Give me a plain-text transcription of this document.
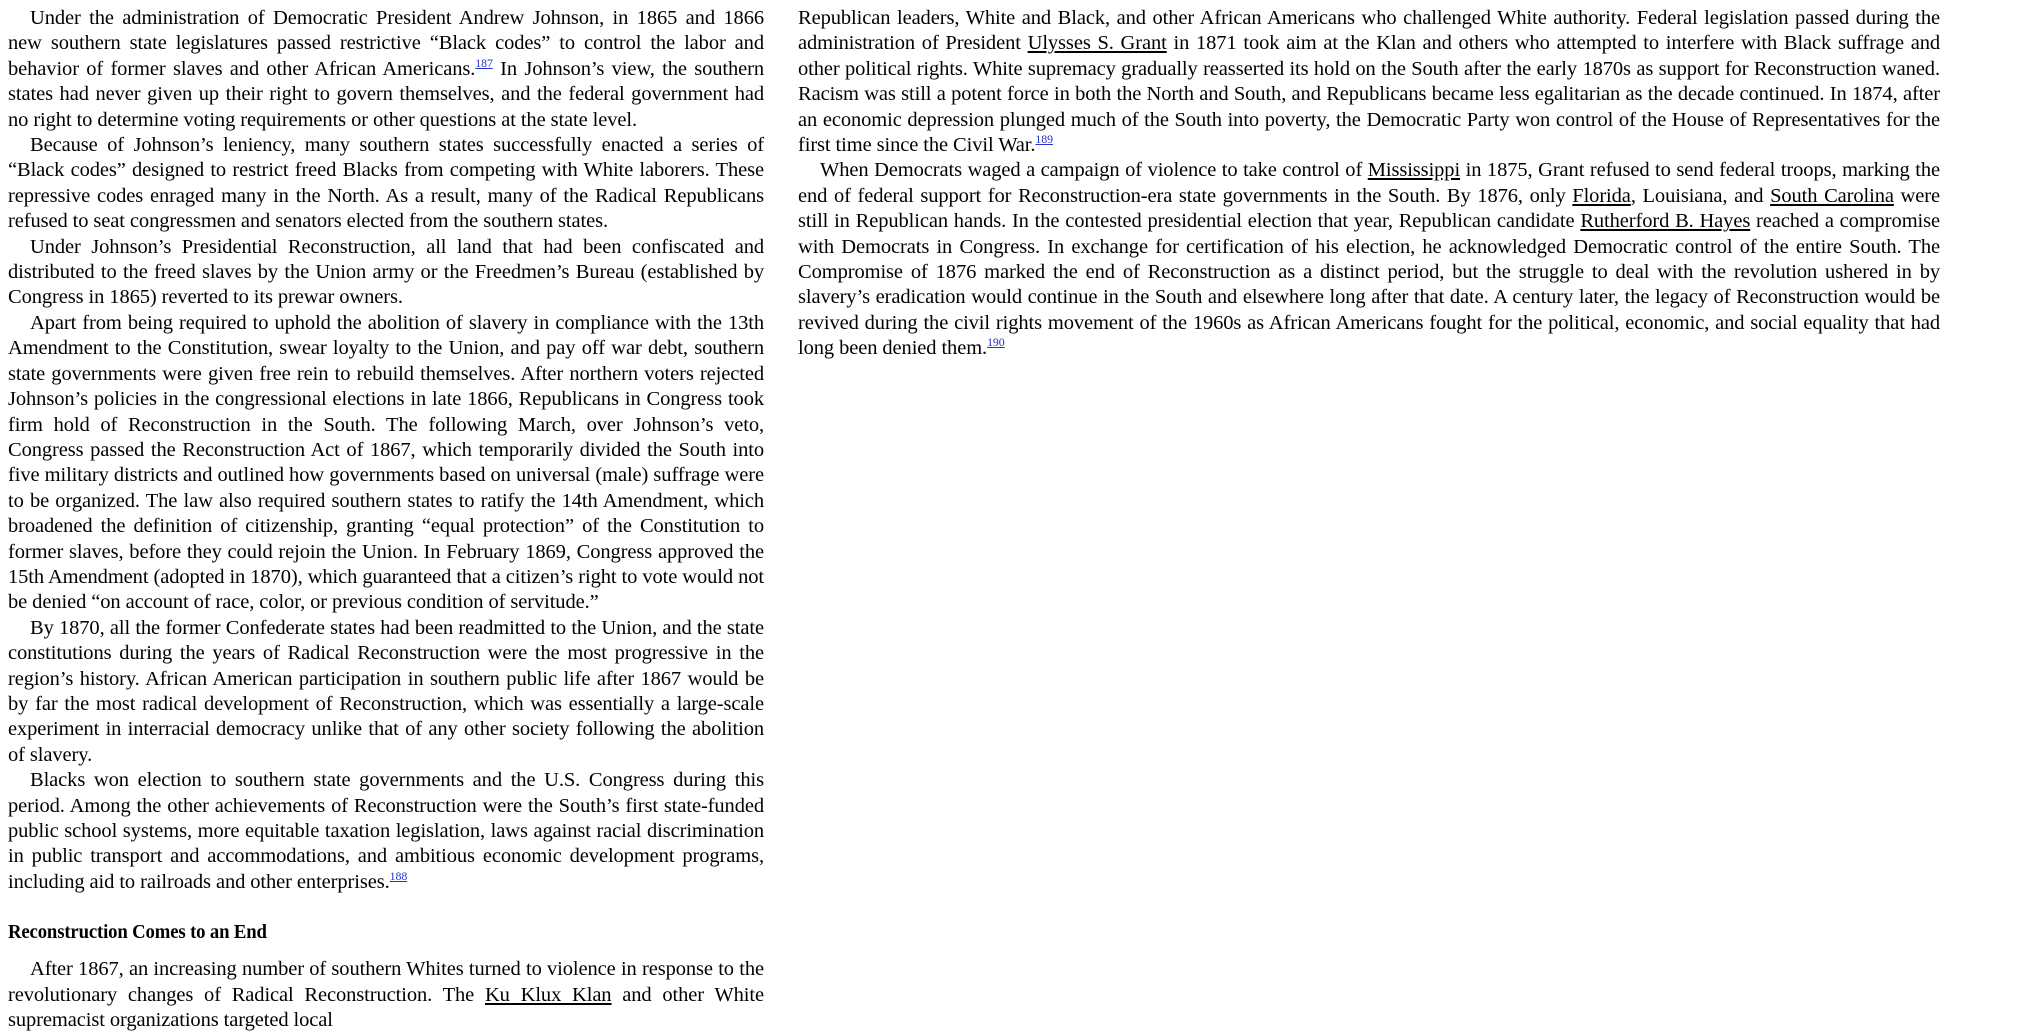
Under the administration of Democratic President Andrew Johnson, in 1865 and 1866 new southern state legislatures passed restrictive “Black codes” to control the labor and behavior of former slaves and other African Americans.$^{187}$ In Johnson’s view, the southern states had never given up their right to govern themselves, and the federal government had no right to determine voting requirements or other questions at the state level.

Because of Johnson’s leniency, many southern states successfully enacted a series of “Black codes” designed to restrict freed Blacks from competing with White laborers. These repressive codes enraged many in the North. As a result, many of the Radical Republicans refused to seat congressmen and senators elected from the southern states.

Under Johnson’s Presidential Reconstruction, all land that had been confiscated and distributed to the freed slaves by the Union army or the Freedmen’s Bureau (established by Congress in 1865) reverted to its prewar owners.

Apart from being required to uphold the abolition of slavery in compliance with the 13th Amendment to the Constitution, swear loyalty to the Union, and pay off war debt, southern state governments were given free rein to rebuild themselves. After northern voters rejected Johnson’s policies in the congressional elections in late 1866, Republicans in Congress took firm hold of Reconstruction in the South. The following March, over Johnson’s veto, Congress passed the Reconstruction Act of 1867, which temporarily divided the South into five military districts and outlined how governments based on universal (male) suffrage were to be organized. The law also required southern states to ratify the 14th Amendment, which broadened the definition of citizenship, granting “equal protection” of the Constitution to former slaves, before they could rejoin the Union. In February 1869, Congress approved the 15th Amendment (adopted in 1870), which guaranteed that a citizen’s right to vote would not be denied “on account of race, color, or previous condition of servitude.”

By 1870, all the former Confederate states had been readmitted to the Union, and the state constitutions during the years of Radical Reconstruction were the most progressive in the region’s history. African American participation in southern public life after 1867 would be by far the most radical development of Reconstruction, which was essentially a large-scale experiment in interracial democracy unlike that of any other society following the abolition of slavery.

Blacks won election to southern state governments and the U.S. Congress during this period. Among the other achievements of Reconstruction were the South’s first state-funded public school systems, more equitable taxation legislation, laws against racial discrimination in public transport and accommodations, and ambitious economic development programs, including aid to railroads and other enterprises.$^{188}$

Reconstruction Comes to an End

After 1867, an increasing number of southern Whites turned to violence in response to the revolutionary changes of Radical Reconstruction. The Ku Klux Klan and other White supremacist organizations targeted local

Republican leaders, White and Black, and other African Americans who challenged White authority. Federal legislation passed during the administration of President Ulysses S. Grant in 1871 took aim at the Klan and others who attempted to interfere with Black suffrage and other political rights. White supremacy gradually reasserted its hold on the South after the early 1870s as support for Reconstruction waned. Racism was still a potent force in both the North and South, and Republicans became less egalitarian as the decade continued. In 1874, after an economic depression plunged much of the South into poverty, the Democratic Party won control of the House of Representatives for the first time since the Civil War.$^{189}$

When Democrats waged a campaign of violence to take control of Mississippi in 1875, Grant refused to send federal troops, marking the end of federal support for Reconstruction-era state governments in the South. By 1876, only Florida, Louisiana, and South Carolina were still in Republican hands. In the contested presidential election that year, Republican candidate Rutherford B. Hayes reached a compromise with Democrats in Congress. In exchange for certification of his election, he acknowledged Democratic control of the entire South. The Compromise of 1876 marked the end of Reconstruction as a distinct period, but the struggle to deal with the revolution ushered in by slavery’s eradication would continue in the South and elsewhere long after that date. A century later, the legacy of Reconstruction would be revived during the civil rights movement of the 1960s as African Americans fought for the political, economic, and social equality that had long been denied them.$^{190}$
